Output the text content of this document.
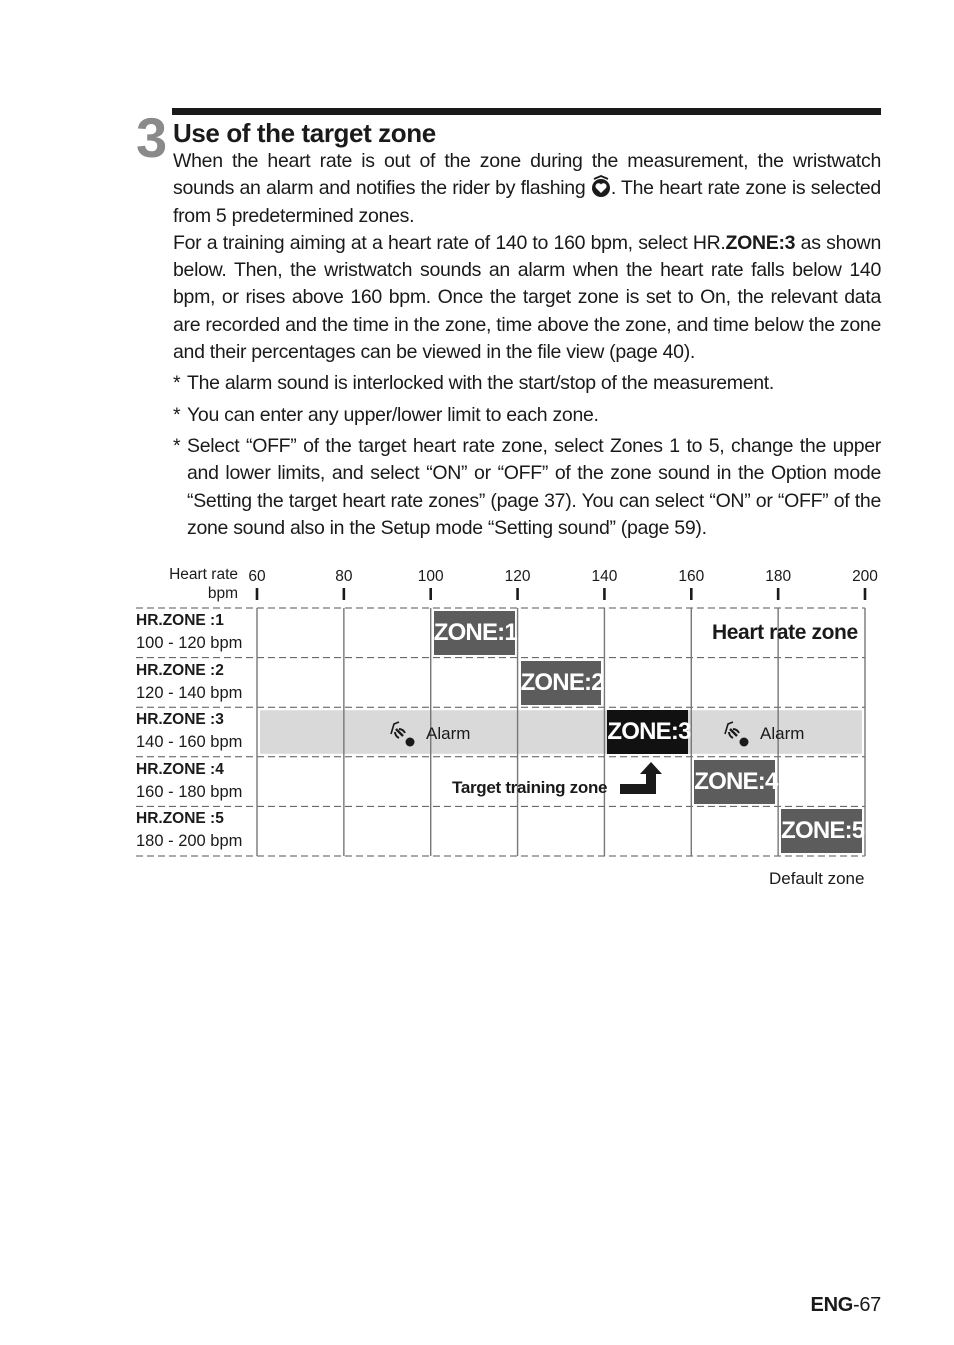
3 Use of the target zone

When the heart rate is out of the zone during the measurement, the wristwatch sounds an alarm and notifies the rider by flashing . The heart rate zone is selected from 5 predetermined zones.

For a training aiming at a heart rate of 140 to 160 bpm, select HR.ZONE:3 as shown below. Then, the wristwatch sounds an alarm when the heart rate falls below 140 bpm, or rises above 160 bpm. Once the target zone is set to On, the relevant data are recorded and the time in the zone, time above the zone, and time below the zone and their percentages can be viewed in the file view (page 40).

* The alarm sound is interlocked with the start/stop of the measurement.
* You can enter any upper/lower limit to each zone.
* Select “OFF” of the target heart rate zone, select Zones 1 to 5, change the upper and lower limits, and select “ON” or “OFF” of the zone sound in the Option mode “Setting the target heart rate zones” (page 37). You can select “ON” or “OFF” of the zone sound also in the Setup mode “Setting sound” (page 59).
Heart rate
bpm
60	80	100	120	140	160	180	200
HR.ZONE :1
100 - 120 bpm
HR.ZONE :2
120 - 140 bpm
HR.ZONE :3
140 - 160 bpm
HR.ZONE :4
160 - 180 bpm
HR.ZONE :5
180 - 200 bpm
ZONE:1
ZONE:2
ZONE:3
ZONE:4
ZONE:5
Heart rate zone
Alarm	Alarm
Target training zone
Default zone
ENG-67
